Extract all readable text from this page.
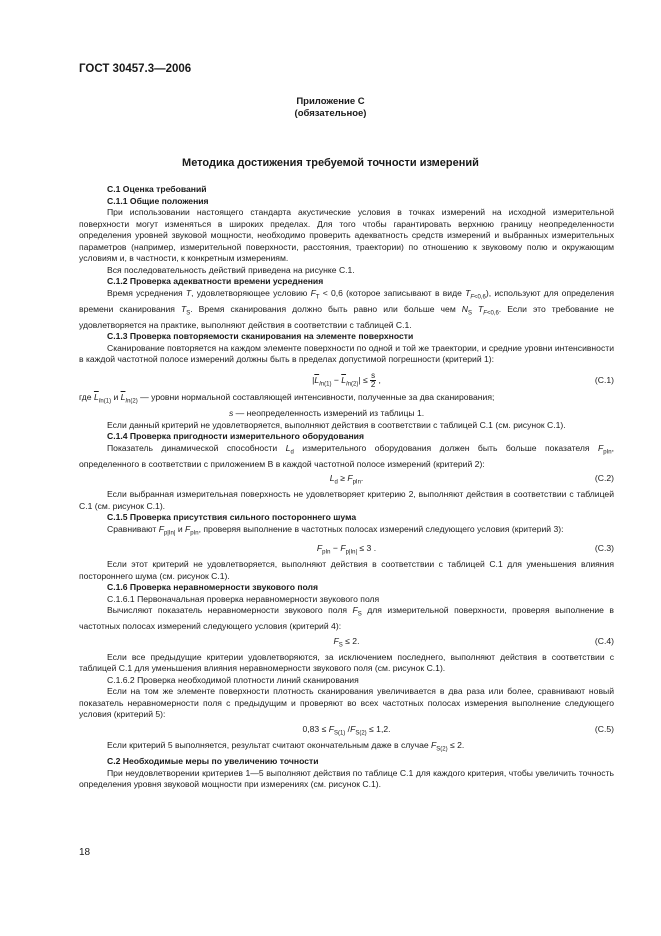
ГОСТ 30457.3—2006
Приложение С
(обязательное)
Методика достижения требуемой точности измерений
С.1 Оценка требований
С.1.1 Общие положения
При использовании настоящего стандарта акустические условия в точках измерений на исходной измерительной поверхности могут изменяться в широких пределах. Для того чтобы гарантировать верхнюю границу неопределенности определения уровней звуковой мощности, необходимо проверить адекватность средств измерений и выбранных измерительных параметров (например, измерительной поверхности, расстояния, траектории) по отношению к звуковому полю и окружающим условиям и, в частности, к конкретным измерениям.
Вся последовательность действий приведена на рисунке С.1.
С.1.2 Проверка адекватности времени усреднения
Время усреднения T, удовлетворяющее условию $F_T < 0,6$ (которое записывают в виде $T_{F<0,6}$), используют для определения времени сканирования $T_S$. Время сканирования должно быть равно или больше чем $N_S$ $T_{F<0,6}$. Если это требование не удовлетворяется на практике, выполняют действия в соответствии с таблицей С.1.
С.1.3 Проверка повторяемости сканирования на элементе поверхности
Сканирование повторяется на каждом элементе поверхности по одной и той же траектории, и средние уровни интенсивности в каждой частотной полосе измерений должны быть в пределах допустимой погрешности (критерий 1):
$|\overline{L}_{In(1)} - \overline{L}_{In(2)}| \le \frac{s}{2}$ ,	(С.1)
где $\overline{L}_{In(1)}$ и $\overline{L}_{In(2)}$ — уровни нормальной составляющей интенсивности, полученные за два сканирования;
s — неопределенность измерений из таблицы 1.
Если данный критерий не удовлетворяется, выполняют действия в соответствии с таблицей С.1 (см. рисунок С.1).
С.1.4 Проверка пригодности измерительного оборудования
Показатель динамической способности $L_d$ измерительного оборудования должен быть больше показателя $F_{pIn}$, определенного в соответствии с приложением В в каждой частотной полосе измерений (критерий 2):
$L_d \ge F_{pIn}$.	(С.2)
Если выбранная измерительная поверхность не удовлетворяет критерию 2, выполняют действия в соответствии с таблицей С.1 (см. рисунок С.1).
С.1.5 Проверка присутствия сильного постороннего шума
Сравнивают $F_{p|In|}$ и $F_{pIn}$, проверяя выполнение в частотных полосах измерений следующего условия (критерий 3):
$F_{pIn} - F_{p|In|} \le 3$ .	(С.3)
Если этот критерий не удовлетворяется, выполняют действия в соответствии с таблицей С.1 для уменьшения влияния постороннего шума (см. рисунок С.1).
С.1.6 Проверка неравномерности звукового поля
С.1.6.1 Первоначальная проверка неравномерности звукового поля
Вычисляют показатель неравномерности звукового поля $F_S$ для измерительной поверхности, проверяя выполнение в частотных полосах измерений следующего условия (критерий 4):
$F_S \le 2$.	(С.4)
Если все предыдущие критерии удовлетворяются, за исключением последнего, выполняют действия в соответствии с таблицей С.1 для уменьшения влияния неравномерности звукового поля (см. рисунок С.1).
С.1.6.2 Проверка необходимой плотности линий сканирования
Если на том же элементе поверхности плотность сканирования увеличивается в два раза или более, сравнивают новый показатель неравномерности поля с предыдущим и проверяют во всех частотных полосах измерения выполнение следующего условия (критерий 5):
$0,83 \le F_{S(1)}$ $/F_{S(2)} \le 1,2$.	(С.5)
Если критерий 5 выполняется, результат считают окончательным даже в случае $F_{S(2)} \le 2$.
С.2 Необходимые меры по увеличению точности
При неудовлетворении критериев 1—5 выполняют действия по таблице С.1 для каждого критерия, чтобы увеличить точность определения уровня звуковой мощности при измерениях (см. рисунок С.1).
18
